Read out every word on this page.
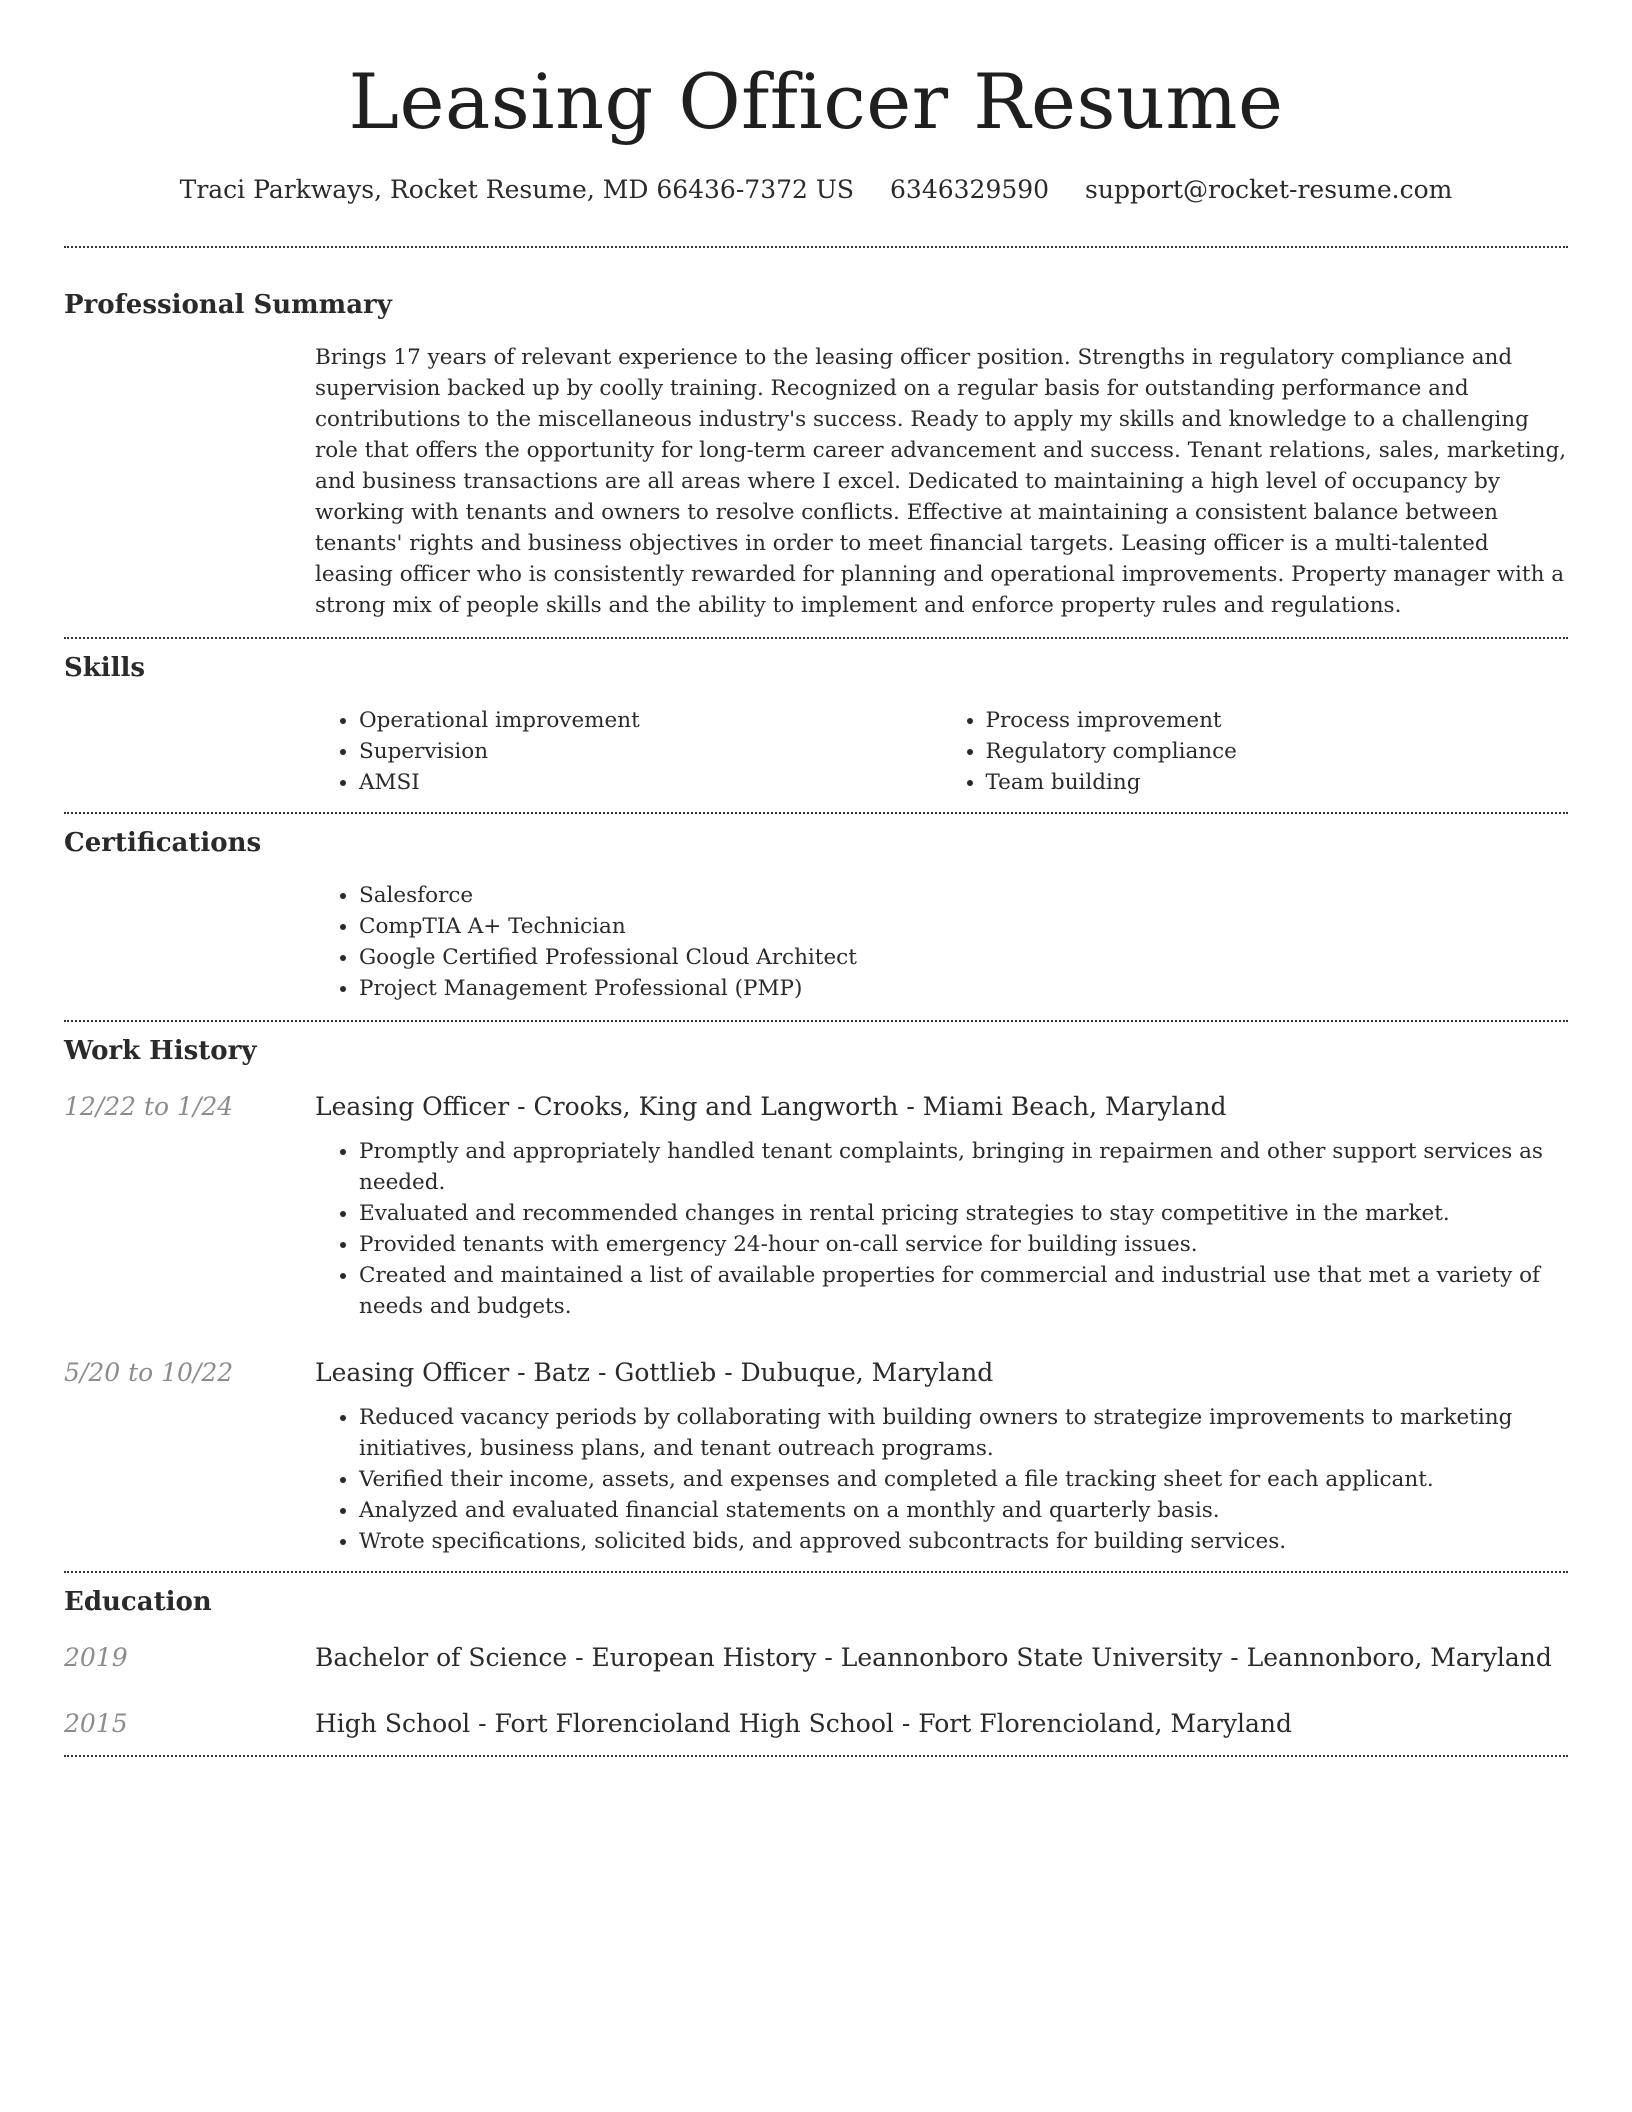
Leasing Officer Resume
Traci Parkways, Rocket Resume, MD 66436-7372 US 6346329590 support@rocket-resume.com
Professional Summary
Brings 17 years of relevant experience to the leasing officer position. Strengths in regulatory compliance and supervision backed up by coolly training. Recognized on a regular basis for outstanding performance and contributions to the miscellaneous industry's success. Ready to apply my skills and knowledge to a challenging role that offers the opportunity for long-term career advancement and success. Tenant relations, sales, marketing, and business transactions are all areas where I excel. Dedicated to maintaining a high level of occupancy by working with tenants and owners to resolve conflicts. Effective at maintaining a consistent balance between tenants' rights and business objectives in order to meet financial targets. Leasing officer is a multi-talented leasing officer who is consistently rewarded for planning and operational improvements. Property manager with a strong mix of people skills and the ability to implement and enforce property rules and regulations.
Skills
• Operational improvement
• Supervision
• AMSI
• Process improvement
• Regulatory compliance
• Team building
Certifications
• Salesforce
• CompTIA A+ Technician
• Google Certified Professional Cloud Architect
• Project Management Professional (PMP)
Work History
12/22 to 1/24	Leasing Officer - Crooks, King and Langworth - Miami Beach, Maryland
• Promptly and appropriately handled tenant complaints, bringing in repairmen and other support services as needed.
• Evaluated and recommended changes in rental pricing strategies to stay competitive in the market.
• Provided tenants with emergency 24-hour on-call service for building issues.
• Created and maintained a list of available properties for commercial and industrial use that met a variety of needs and budgets.
5/20 to 10/22	Leasing Officer - Batz - Gottlieb - Dubuque, Maryland
• Reduced vacancy periods by collaborating with building owners to strategize improvements to marketing initiatives, business plans, and tenant outreach programs.
• Verified their income, assets, and expenses and completed a file tracking sheet for each applicant.
• Analyzed and evaluated financial statements on a monthly and quarterly basis.
• Wrote specifications, solicited bids, and approved subcontracts for building services.
Education
2019	Bachelor of Science - European History - Leannonboro State University - Leannonboro, Maryland
2015	High School - Fort Florencioland High School - Fort Florencioland, Maryland
